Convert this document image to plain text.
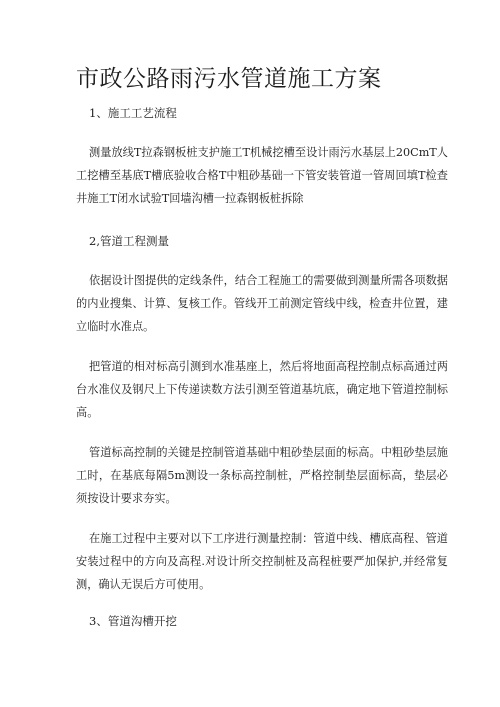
市政公路雨污水管道施工方案

1、施工工艺流程

测量放线T拉森钢板桩支护施工T机械挖槽至设计雨污水基层上20CmT人工挖槽至基底T槽底验收合格T中粗砂基础一下管安装管道一管周回填T检查井施工T闭水试验T回墙沟槽一拉森钢板桩拆除

2,管道工程测量

依据设计图提供的定线条件，结合工程施工的需要做到测量所需各项数据的内业搜集、计算、复核工作。管线开工前测定管线中线，检查井位置，建立临时水准点。

把管道的相对标高引测到水准基座上，然后将地面高程控制点标高通过两台水准仪及钢尺上下传递读数方法引测至管道基坑底，确定地下管道控制标高。

管道标高控制的关键是控制管道基础中粗砂垫层面的标高。中粗砂垫层施工时，在基底每隔5m测设一条标高控制桩，严格控制垫层面标高，垫层必须按设计要求夯实。

在施工过程中主要对以下工序进行测量控制：管道中线、槽底高程、管道安装过程中的方向及高程.对设计所交控制桩及高程桩要严加保护,并经常复测，确认无误后方可使用。

3、管道沟槽开挖
